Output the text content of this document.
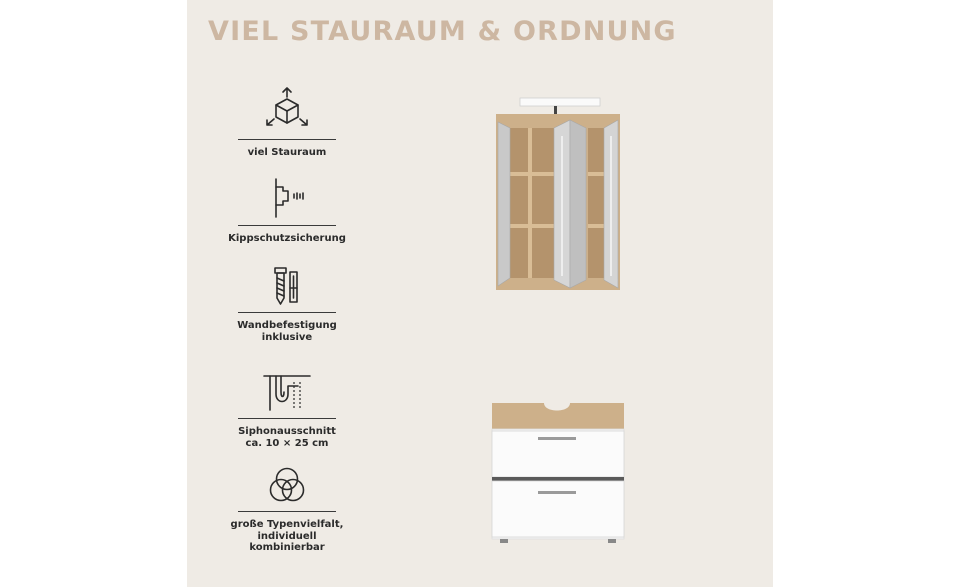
VIEL STAURAUM & ORDNUNG
viel Stauraum
Kippschutzsicherung
Wandbefestigung
inklusive
Siphonausschnitt
ca. 10 × 25 cm
große Typenvielfalt,
individuell kombinierbar
